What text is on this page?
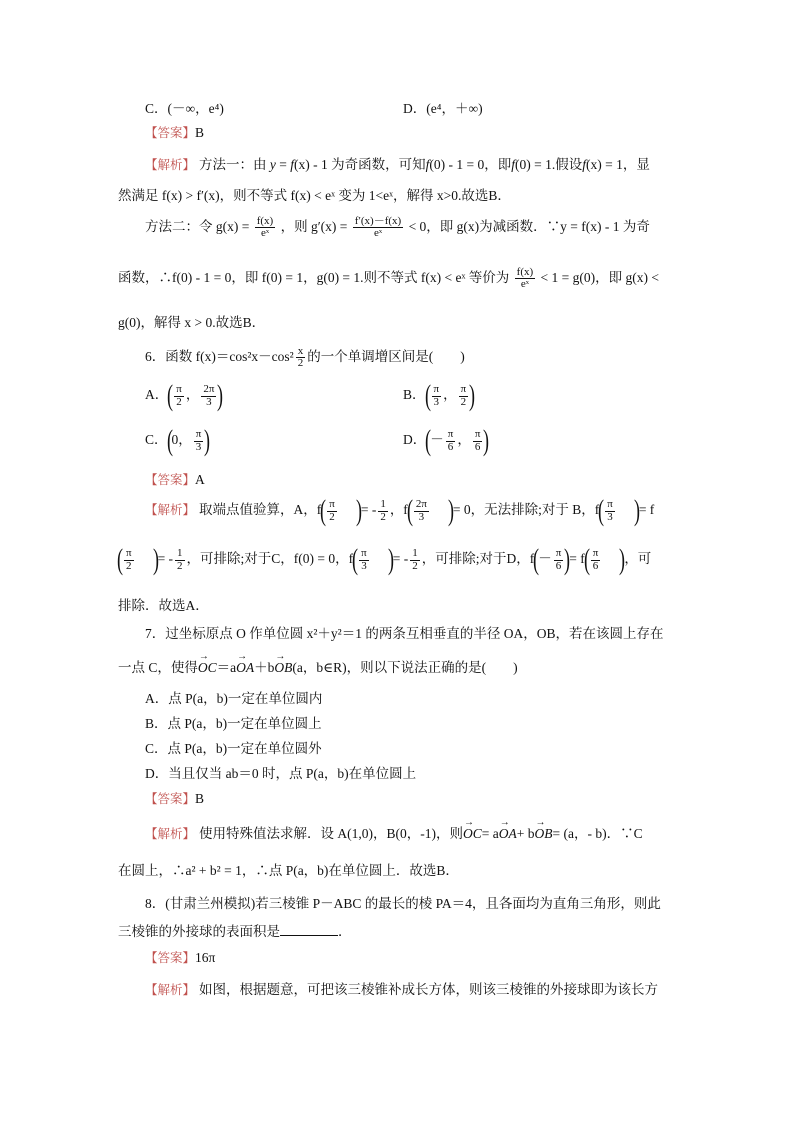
C．(－∞，e⁴)	D．(e⁴，＋∞)
【答案】B
【解析】 方法一：由 y = f(x) - 1 为奇函数，可知f(0) - 1 = 0，即f(0) = 1.假设f(x) = 1，显
然满足 f(x) > f′(x)，则不等式 f(x) < eˣ 变为 1<eˣ，解得 x>0.故选B．
方法二：令 $g(x) = \frac{f(x)}{\text{eˣ}}$ ，则 $g'(x) = \frac{f'(x)-f(x)}{\text{eˣ}} < 0$，即 g(x)为减函数．∵y = f(x) - 1 为奇
函数，∴f(0) - 1 = 0，即 f(0) = 1，g(0) = 1.则不等式 f(x) < eˣ 等价为 $\frac{f(x)}{\text{eˣ}} < 1 = g(0)$，即 g(x) <
g(0)，解得 x > 0.故选B．
6．函数 $f(x)=\cos^2x-\cos^2 \frac{x}{2}$ 的一个单调增区间是(　　)
A．( $\frac{\pi}{2}$ ， $\frac{2\pi}{3}$ )	B．( $\frac{\pi}{3}$ ， $\frac{\pi}{2}$ )
C．(0， $\frac{\pi}{3}$ )	D．(－ $\frac{\pi}{6}$ ， $\frac{\pi}{6}$ )
【答案】A
【解析】 取端点值验算，A，$f( \frac{\pi}{2}$ )= - $\frac{1}{2}$ ，$f( \frac{2\pi}{3}$ )= 0，无法排除;对于 B，$f( \frac{\pi}{3}$ )= f
( $\frac{\pi}{2}$ )= - $\frac{1}{2}$ ，可排除;对于C，f(0) = 0，$f( \frac{\pi}{3}$ )= - $\frac{1}{2}$ ，可排除;对于D，$f(- \frac{\pi}{6}$ )= $f( \frac{\pi}{6}$ )，可
排除．故选A．
7．过坐标原点 O 作单位圆 x²＋y²＝1 的两条互相垂直的半径 OA，OB，若在该圆上存在
一点 C，使得→ OC＝a→ OA＋b→ OB(a，b∈R)，则以下说法正确的是(　　)
A．点 P(a，b)一定在单位圆内
B．点 P(a，b)一定在单位圆上
C．点 P(a，b)一定在单位圆外
D．当且仅当 ab＝0 时，点 P(a，b)在单位圆上
【答案】B
【解析】 使用特殊值法求解．设 A(1,0)，B(0，-1)，则→ OC= a→ OA+ b→ OB= (a，- b)．∵C
在圆上，∴a² + b² = 1，∴点 P(a，b)在单位圆上．故选B．
8．(甘肃兰州模拟)若三棱锥 P－ABC 的最长的棱 PA＝4，且各面均为直角三角形，则此
三棱锥的外接球的表面积是	．
【答案】16π
【解析】 如图，根据题意，可把该三棱锥补成长方体，则该三棱锥的外接球即为该长方
